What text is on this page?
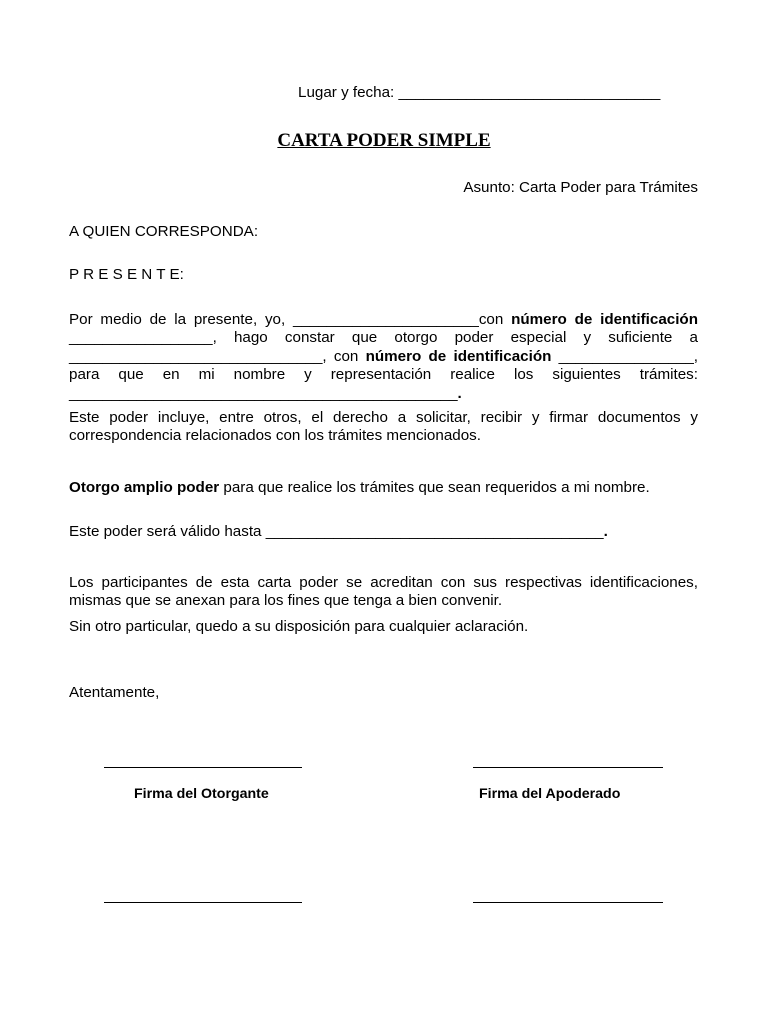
Lugar y fecha: _______________________________
CARTA PODER SIMPLE
Asunto: Carta Poder para Trámites
A QUIEN CORRESPONDA:
P R E S E N T E:
Por medio de la presente, yo, ______________________con número de identificación _________________, hago constar que otorgo poder especial y suficiente a ______________________________, con número de identificación ________________, para que en mi nombre y representación realice los siguientes trámites: ______________________________________________.
Este poder incluye, entre otros, el derecho a solicitar, recibir y firmar documentos y correspondencia relacionados con los trámites mencionados.
Otorgo amplio poder para que realice los trámites que sean requeridos a mi nombre.
Este poder será válido hasta ________________________________________.
Los participantes de esta carta poder se acreditan con sus respectivas identificaciones, mismas que se anexan para los fines que tenga a bien convenir.
Sin otro particular, quedo a su disposición para cualquier aclaración.
Atentamente,
Firma del Otorgante	Firma del Apoderado
